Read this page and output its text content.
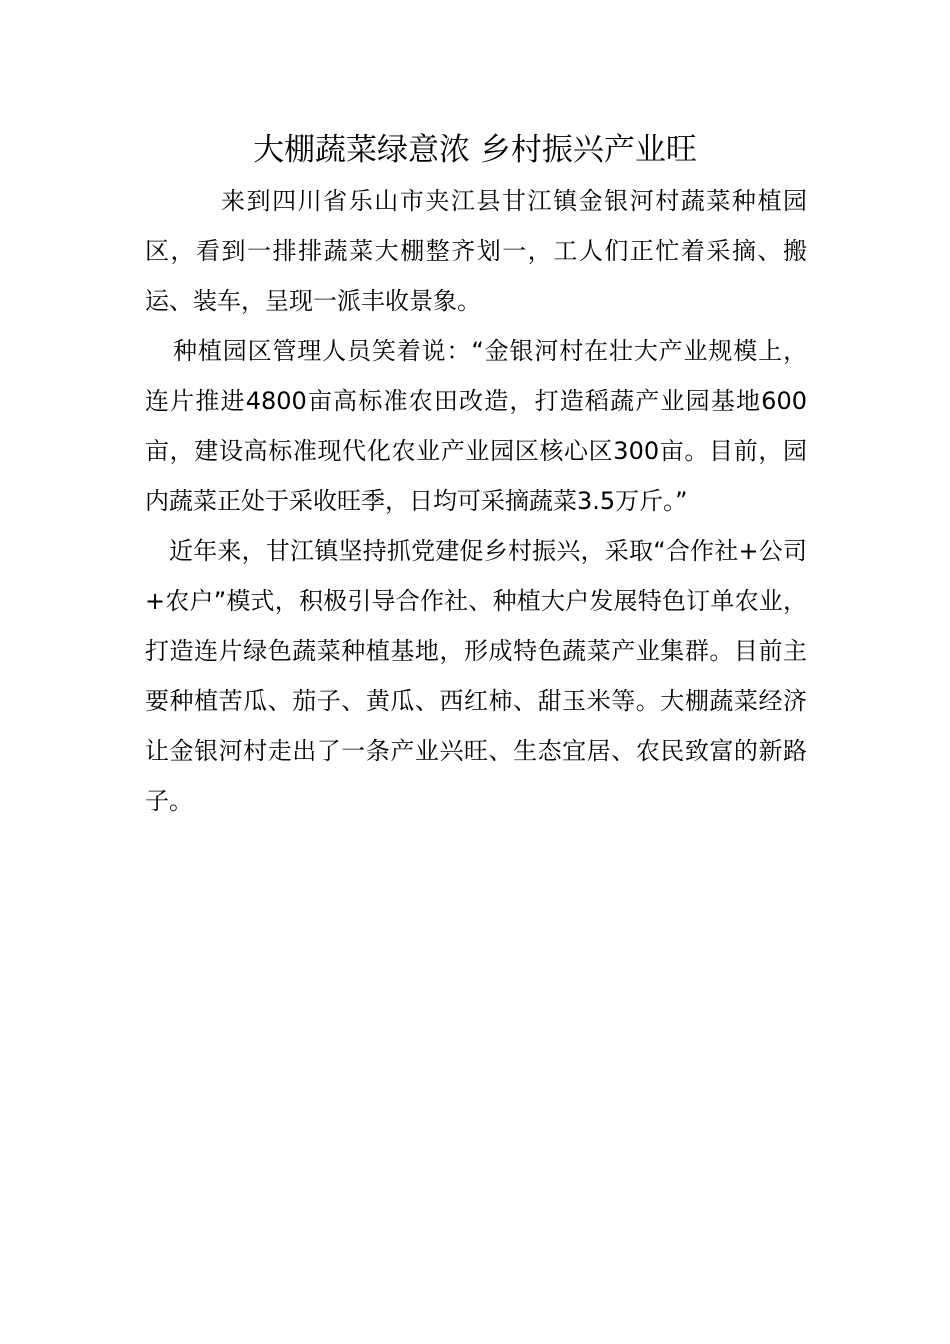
大棚蔬菜绿意浓 乡村振兴产业旺

来到四川省乐山市夹江县甘江镇金银河村蔬菜种植园区，看到一排排蔬菜大棚整齐划一，工人们正忙着采摘、搬运、装车，呈现一派丰收景象。

种植园区管理人员笑着说：“金银河村在壮大产业规模上，连片推进4800亩高标准农田改造，打造稻蔬产业园基地600亩，建设高标准现代化农业产业园区核心区300亩。目前，园内蔬菜正处于采收旺季，日均可采摘蔬菜3.5万斤。”

近年来，甘江镇坚持抓党建促乡村振兴，采取“合作社+公司+农户”模式，积极引导合作社、种植大户发展特色订单农业，打造连片绿色蔬菜种植基地，形成特色蔬菜产业集群。目前主要种植苦瓜、茄子、黄瓜、西红柿、甜玉米等。大棚蔬菜经济让金银河村走出了一条产业兴旺、生态宜居、农民致富的新路子。
